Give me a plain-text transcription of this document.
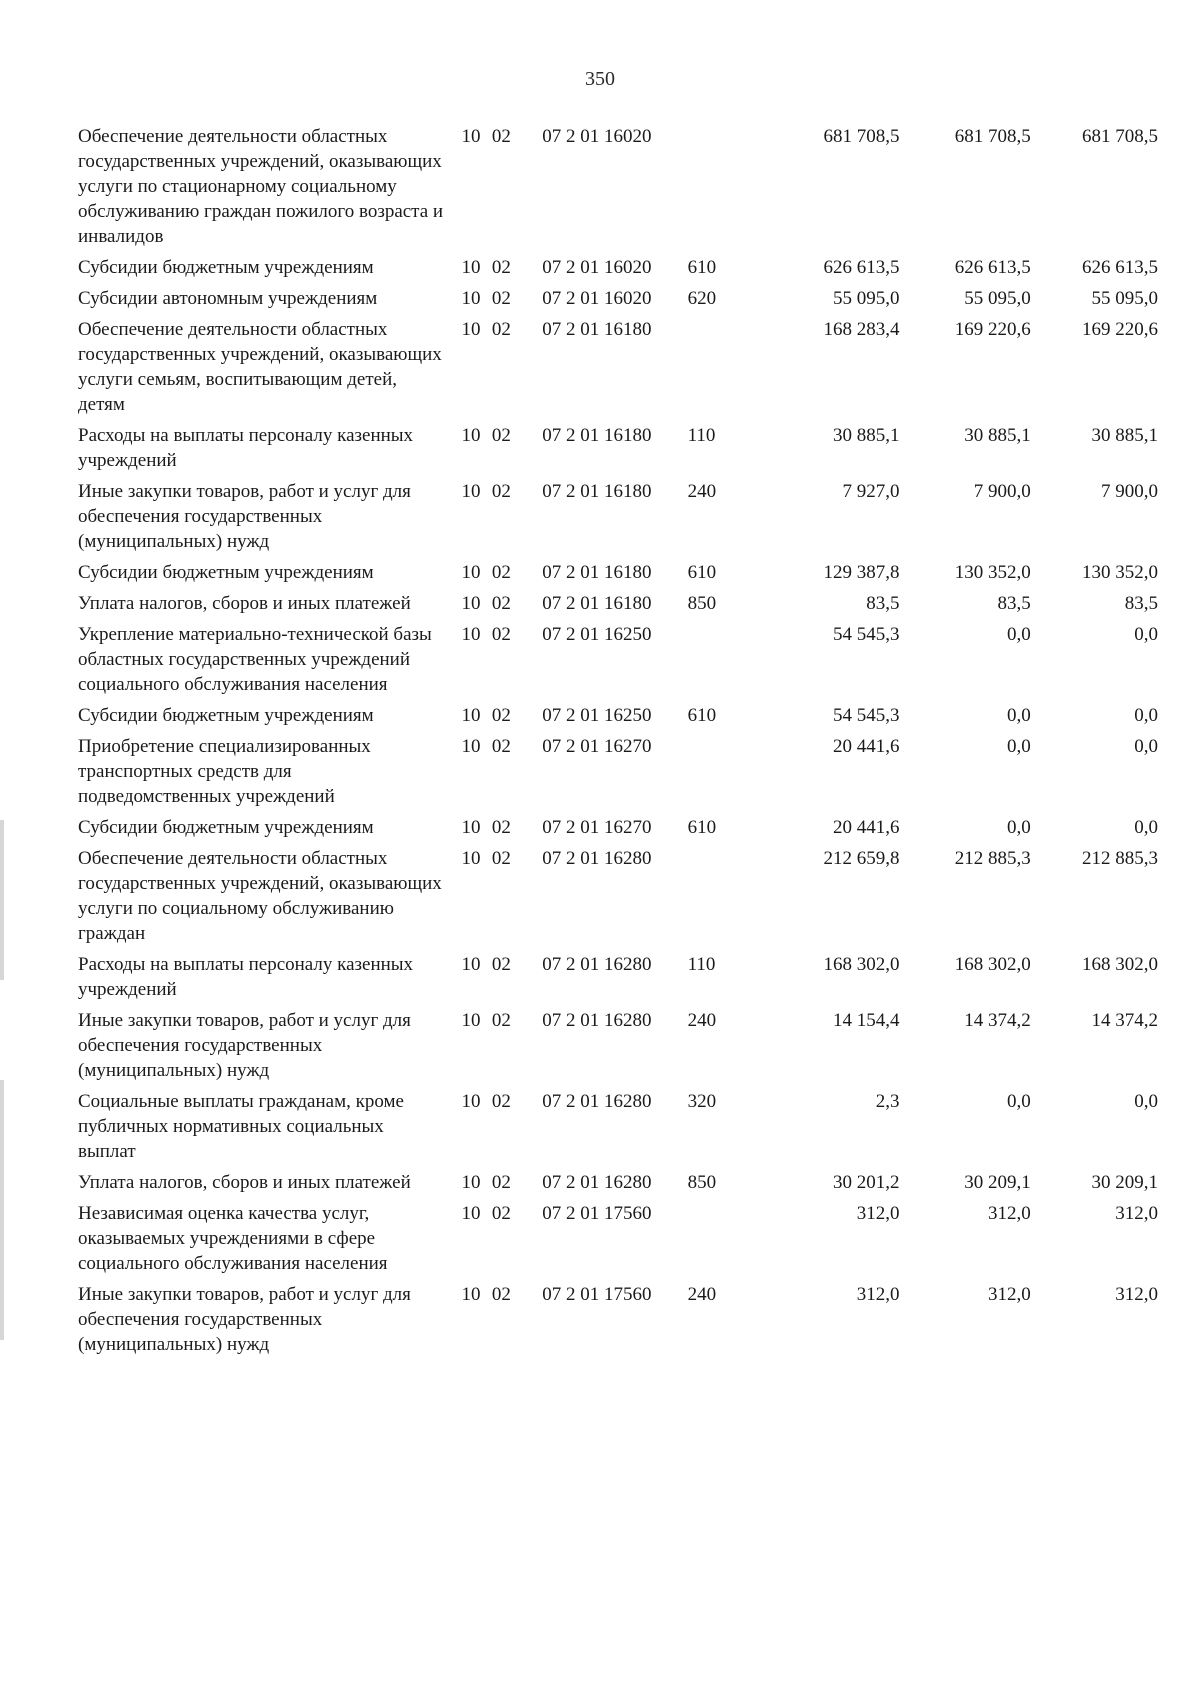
350
Обеспечение деятельности областных государственных учреждений, оказывающих услуги по стационарному социальному обслуживанию граждан пожилого возраста и инвалидов	10	02	07 2 01 16020		681 708,5	681 708,5	681 708,5
Субсидии бюджетным учреждениям	10	02	07 2 01 16020	610	626 613,5	626 613,5	626 613,5
Субсидии автономным учреждениям	10	02	07 2 01 16020	620	55 095,0	55 095,0	55 095,0
Обеспечение деятельности областных государственных учреждений, оказывающих услуги семьям, воспитывающим детей, детям	10	02	07 2 01 16180		168 283,4	169 220,6	169 220,6
Расходы на выплаты персоналу казенных учреждений	10	02	07 2 01 16180	110	30 885,1	30 885,1	30 885,1
Иные закупки товаров, работ и услуг для обеспечения государственных (муниципальных) нужд	10	02	07 2 01 16180	240	7 927,0	7 900,0	7 900,0
Субсидии бюджетным учреждениям	10	02	07 2 01 16180	610	129 387,8	130 352,0	130 352,0
Уплата налогов, сборов и иных платежей	10	02	07 2 01 16180	850	83,5	83,5	83,5
Укрепление материально-технической базы областных государственных учреждений социального обслуживания населения	10	02	07 2 01 16250		54 545,3	0,0	0,0
Субсидии бюджетным учреждениям	10	02	07 2 01 16250	610	54 545,3	0,0	0,0
Приобретение специализированных транспортных средств для подведомственных учреждений	10	02	07 2 01 16270		20 441,6	0,0	0,0
Субсидии бюджетным учреждениям	10	02	07 2 01 16270	610	20 441,6	0,0	0,0
Обеспечение деятельности областных государственных учреждений, оказывающих услуги по социальному обслуживанию граждан	10	02	07 2 01 16280		212 659,8	212 885,3	212 885,3
Расходы на выплаты персоналу казенных учреждений	10	02	07 2 01 16280	110	168 302,0	168 302,0	168 302,0
Иные закупки товаров, работ и услуг для обеспечения государственных (муниципальных) нужд	10	02	07 2 01 16280	240	14 154,4	14 374,2	14 374,2
Социальные выплаты гражданам, кроме публичных нормативных социальных выплат	10	02	07 2 01 16280	320	2,3	0,0	0,0
Уплата налогов, сборов и иных платежей	10	02	07 2 01 16280	850	30 201,2	30 209,1	30 209,1
Независимая оценка качества услуг, оказываемых учреждениями в сфере социального обслуживания населения	10	02	07 2 01 17560		312,0	312,0	312,0
Иные закупки товаров, работ и услуг для обеспечения государственных (муниципальных) нужд	10	02	07 2 01 17560	240	312,0	312,0	312,0
